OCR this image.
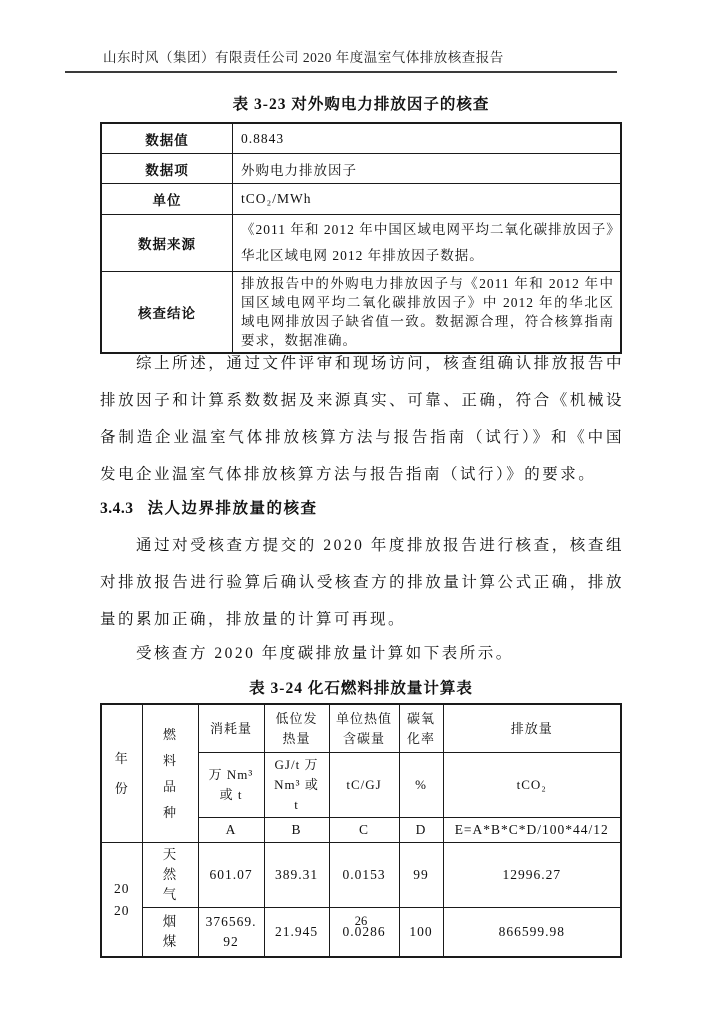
山东时风（集团）有限责任公司 2020 年度温室气体排放核查报告
表 3-23 对外购电力排放因子的核查
数据值	0.8843
数据项	外购电力排放因子
单位	tCO₂/MWh
数据来源	《2011 年和 2012 年中国区域电网平均二氧化碳排放因子》华北区域电网 2012 年排放因子数据。
核查结论	排放报告中的外购电力排放因子与《2011 年和 2012 年中国区域电网平均二氧化碳排放因子》中 2012 年的华北区域电网排放因子缺省值一致。数据源合理，符合核算指南要求，数据准确。
综上所述，通过文件评审和现场访问，核查组确认排放报告中排放因子和计算系数数据及来源真实、可靠、正确，符合《机械设备制造企业温室气体排放核算方法与报告指南（试行）》和《中国发电企业温室气体排放核算方法与报告指南（试行）》的要求。
3.4.3 法人边界排放量的核查
通过对受核查方提交的 2020 年度排放报告进行核查，核查组对排放报告进行验算后确认受核查方的排放量计算公式正确，排放量的累加正确，排放量的计算可再现。
受核查方 2020 年度碳排放量计算如下表所示。
表 3-24 化石燃料排放量计算表
年份	燃料品种	消耗量	低位发热量	单位热值含碳量	碳氧化率	排放量
		万 Nm³ 或 t	GJ/t 万 Nm³ 或 t	tC/GJ	%	tCO₂
		A	B	C	D	E=A*B*C*D/100*44/12
2020	天然气	601.07	389.31	0.0153	99	12996.27
	烟煤	376569.92	21.945	0.0286	100	866599.98
26
